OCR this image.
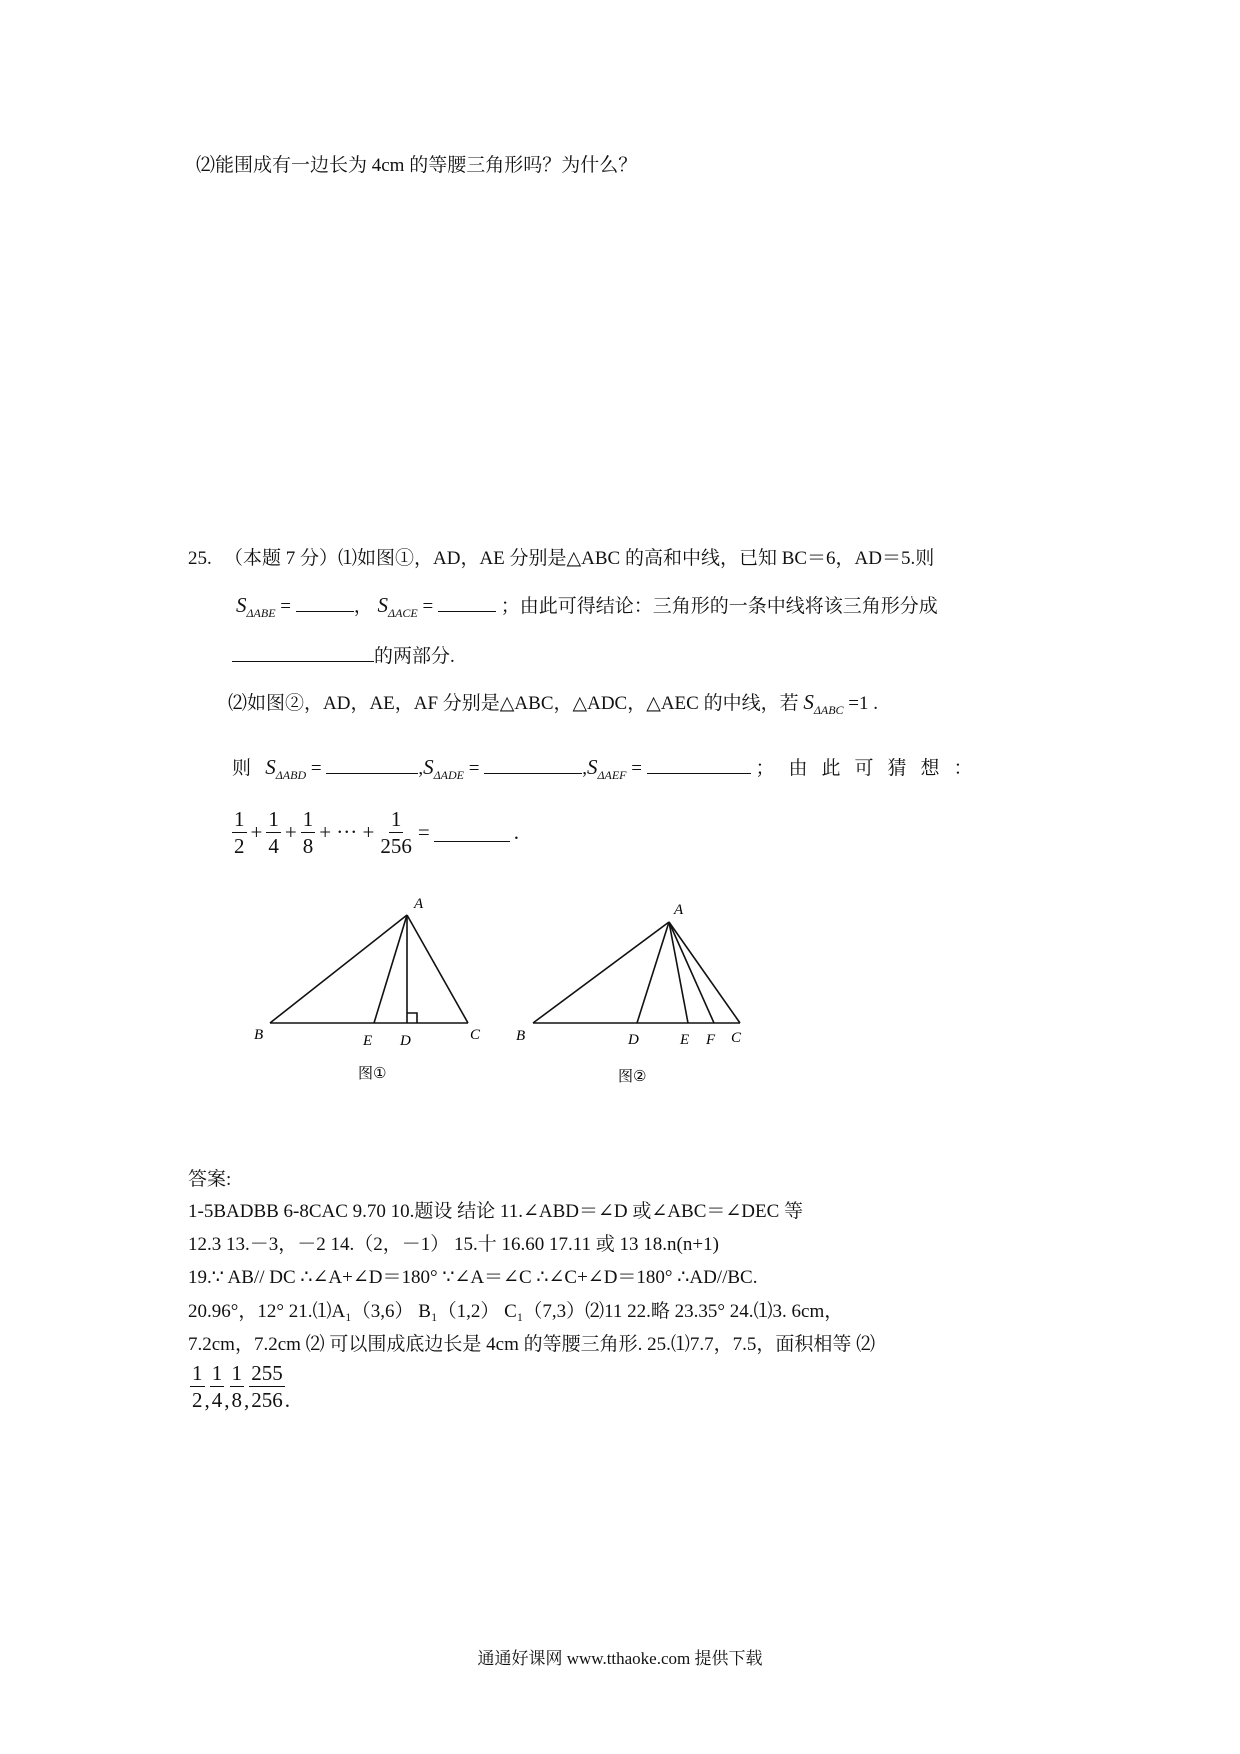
⑵能围成有一边长为 4cm 的等腰三角形吗？为什么？
25. （本题 7 分）⑴如图①，AD，AE 分别是△ABC 的高和中线，已知 BC＝6，AD＝5.则
$S_{\Delta ABE}$ =	， $S_{\Delta ACE}$ =	；由此可得结论：三角形的一条中线将该三角形分成
的两部分.
⑵如图②，AD，AE，AF 分别是△ABC，△ADC，△AEC 的中线，若 $S_{\Delta ABC} =1$ .
则 $S_{\Delta ABD}$ =	$,S_{\Delta ADE}$ =	$,S_{\Delta AEF}$ =	；由此可猜想：
$\frac{1}{2} + \frac{1}{4} + \frac{1}{8}$ + ··· + $\frac{1}{256}$ =	.
A
B	E D	C
图①
A
B	D	E F C
图②
答案:
1-5BADBB 6-8CAC 9.70 10.题设 结论 11.∠ABD＝∠D 或∠ABC＝∠DEC 等
12.3 13.－3，－2 14.（2，－1） 15.十 16.60 17.11 或 13 18.n(n+1)
19.∵ AB// DC ∴∠A+∠D＝180° ∵∠A＝∠C ∴∠C+∠D＝180° ∴AD//BC.
20.96°，12° 21.⑴A₁（3,6） B₁（1,2） C₁（7,3）⑵11 22.略 23.35° 24.⑴3. 6cm，
7.2cm，7.2cm ⑵ 可以围成底边长是 4cm 的等腰三角形. 25.⑴7.7，7.5，面积相等 ⑵
$\frac{1}{2}$ , $\frac{1}{4}$ , $\frac{1}{8}$ , $\frac{255}{256}$ .
通通好课网 www.tthaoke.com 提供下载
